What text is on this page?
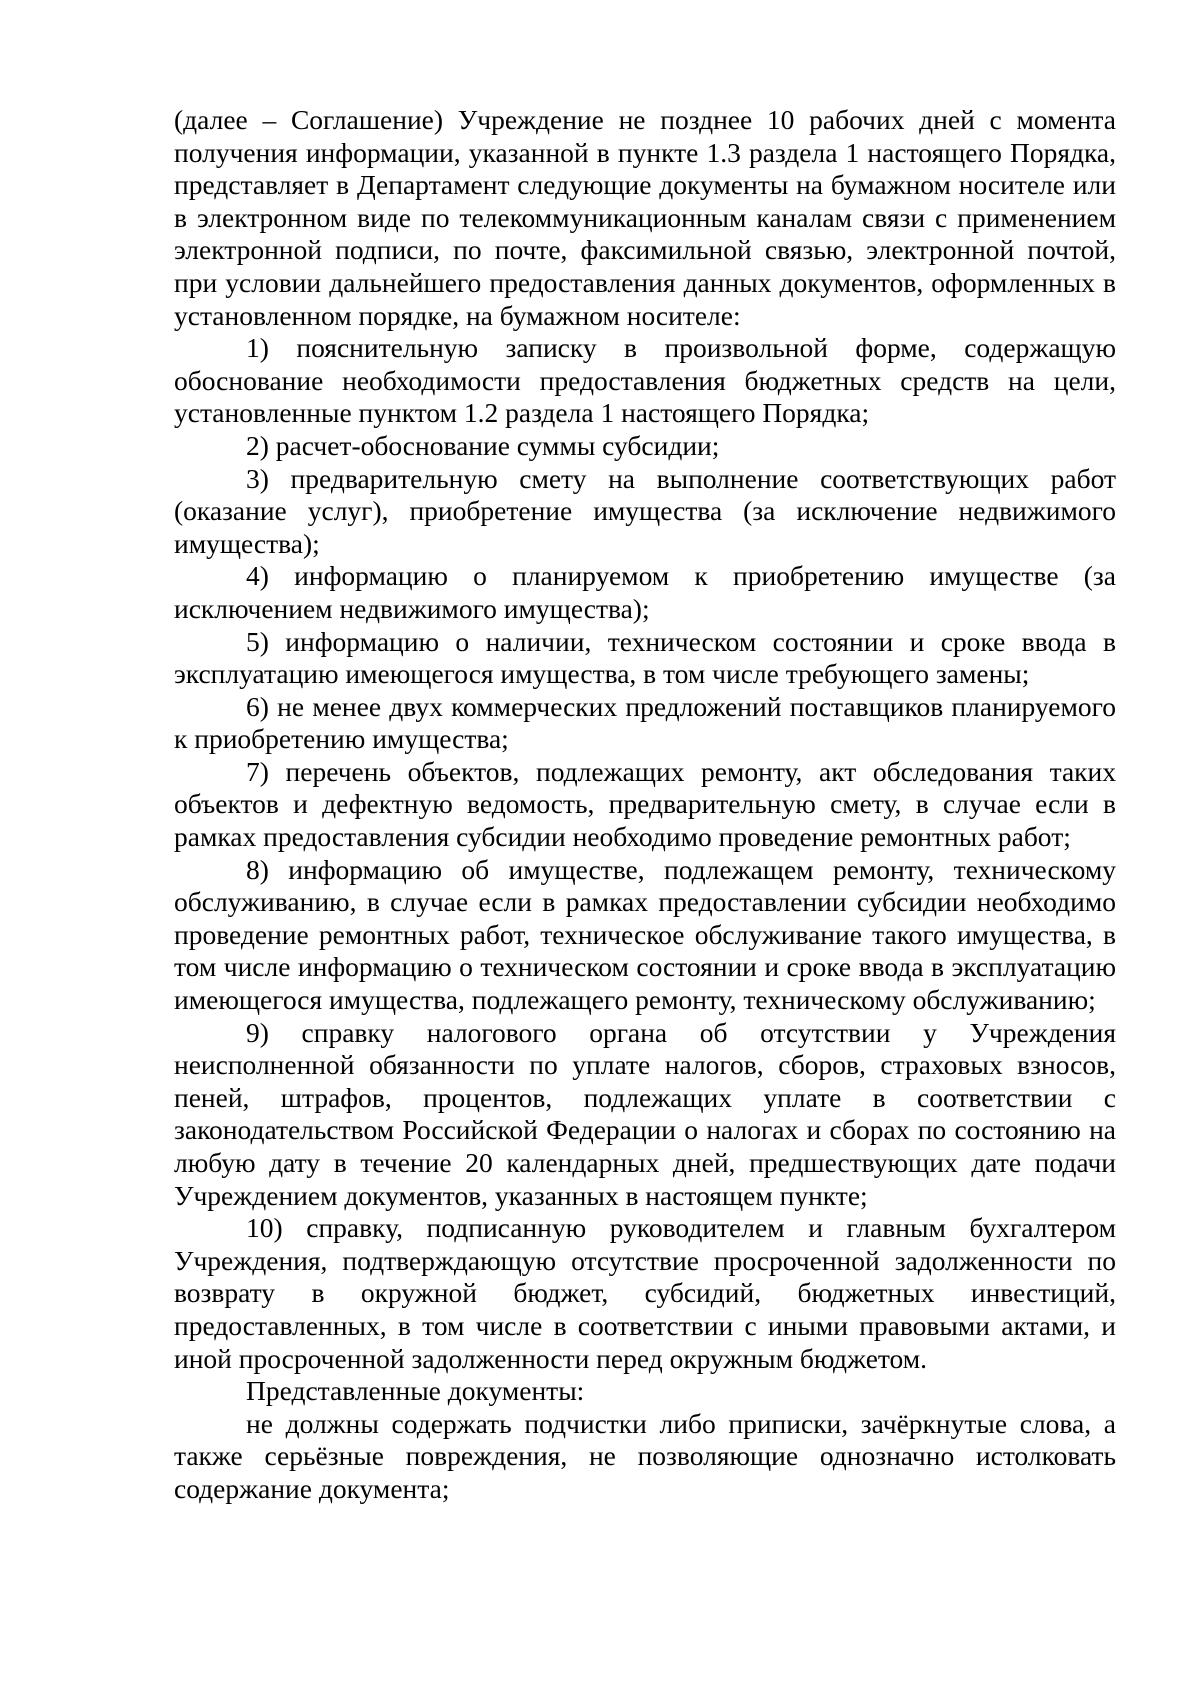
(далее – Соглашение) Учреждение не позднее 10 рабочих дней с момента получения информации, указанной в пункте 1.3 раздела 1 настоящего Порядка, представляет в Департамент следующие документы на бумажном носителе или в электронном виде по телекоммуникационным каналам связи с применением электронной подписи, по почте, факсимильной связью, электронной почтой, при условии дальнейшего предоставления данных документов, оформленных в установленном порядке, на бумажном носителе:

1) пояснительную записку в произвольной форме, содержащую обоснование необходимости предоставления бюджетных средств на цели, установленные пунктом 1.2 раздела 1 настоящего Порядка;

2) расчет-обоснование суммы субсидии;

3) предварительную смету на выполнение соответствующих работ (оказание услуг), приобретение имущества (за исключение недвижимого имущества);

4) информацию о планируемом к приобретению имуществе (за исключением недвижимого имущества);

5) информацию о наличии, техническом состоянии и сроке ввода в эксплуатацию имеющегося имущества, в том числе требующего замены;

6) не менее двух коммерческих предложений поставщиков планируемого к приобретению имущества;

7) перечень объектов, подлежащих ремонту, акт обследования таких объектов и дефектную ведомость, предварительную смету, в случае если в рамках предоставления субсидии необходимо проведение ремонтных работ;

8) информацию об имуществе, подлежащем ремонту, техническому обслуживанию, в случае если в рамках предоставлении субсидии необходимо проведение ремонтных работ, техническое обслуживание такого имущества, в том числе информацию о техническом состоянии и сроке ввода в эксплуатацию имеющегося имущества, подлежащего ремонту, техническому обслуживанию;

9) справку налогового органа об отсутствии у Учреждения неисполненной обязанности по уплате налогов, сборов, страховых взносов, пеней, штрафов, процентов, подлежащих уплате в соответствии с законодательством Российской Федерации о налогах и сборах по состоянию на любую дату в течение 20 календарных дней, предшествующих дате подачи Учреждением документов, указанных в настоящем пункте;

10) справку, подписанную руководителем и главным бухгалтером Учреждения, подтверждающую отсутствие просроченной задолженности по возврату в окружной бюджет, субсидий, бюджетных инвестиций, предоставленных, в том числе в соответствии с иными правовыми актами, и иной просроченной задолженности перед окружным бюджетом.

Представленные документы:

не должны содержать подчистки либо приписки, зачёркнутые слова, а также серьёзные повреждения, не позволяющие однозначно истолковать содержание документа;
